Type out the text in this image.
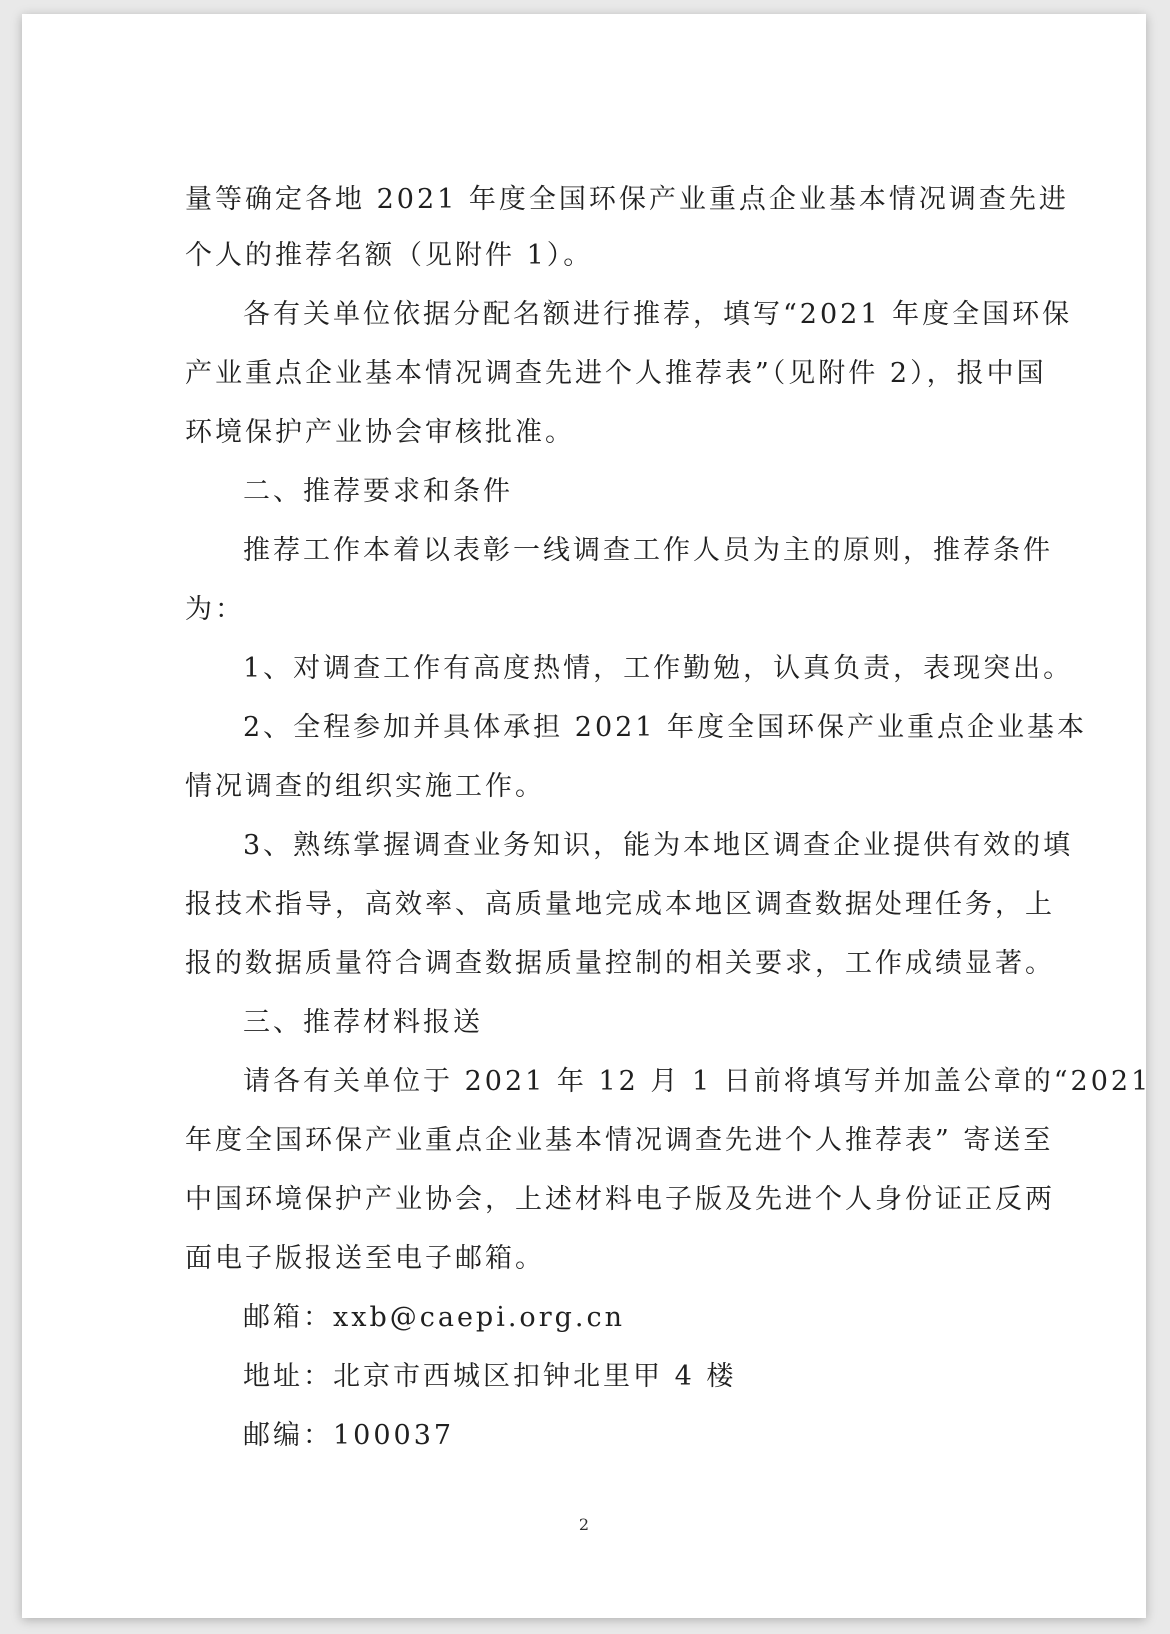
量等确定各地 2021 年度全国环保产业重点企业基本情况调查先进
个人的推荐名额（见附件 1）。
各有关单位依据分配名额进行推荐，填写“2021 年度全国环保
产业重点企业基本情况调查先进个人推荐表”（见附件 2），报中国
环境保护产业协会审核批准。
二、推荐要求和条件
推荐工作本着以表彰一线调查工作人员为主的原则，推荐条件
为：
1、对调查工作有高度热情，工作勤勉，认真负责，表现突出。
2、全程参加并具体承担 2021 年度全国环保产业重点企业基本
情况调查的组织实施工作。
3、熟练掌握调查业务知识，能为本地区调查企业提供有效的填
报技术指导，高效率、高质量地完成本地区调查数据处理任务，上
报的数据质量符合调查数据质量控制的相关要求，工作成绩显著。
三、推荐材料报送
请各有关单位于 2021 年 12 月 1 日前将填写并加盖公章的“2021
年度全国环保产业重点企业基本情况调查先进个人推荐表” 寄送至
中国环境保护产业协会，上述材料电子版及先进个人身份证正反两
面电子版报送至电子邮箱。
邮箱：xxb@caepi.org.cn
地址：北京市西城区扣钟北里甲 4 楼
邮编：100037
2
